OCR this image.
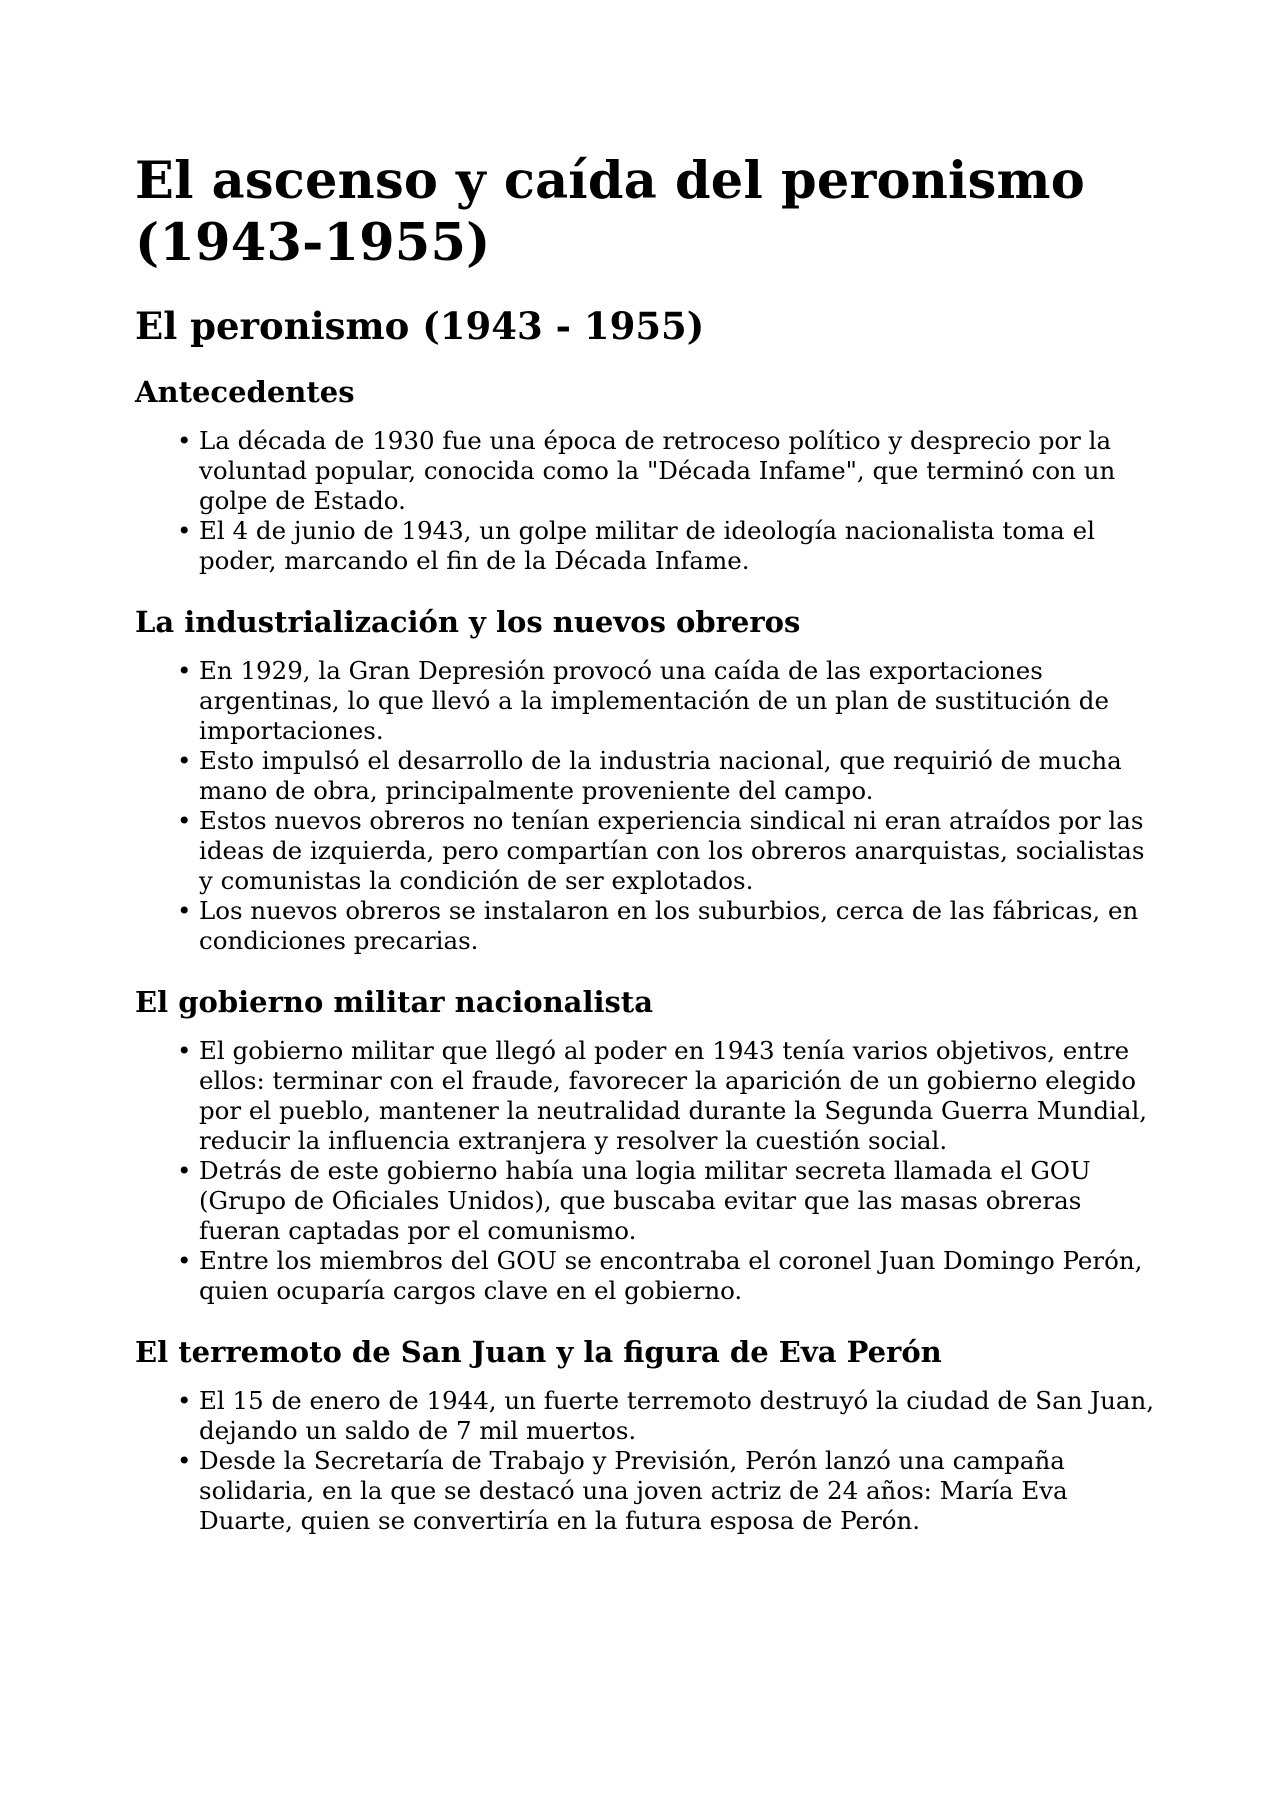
El ascenso y caída del peronismo (1943-1955)
El peronismo (1943 - 1955)
Antecedentes
• La década de 1930 fue una época de retroceso político y desprecio por la voluntad popular, conocida como la "Década Infame", que terminó con un golpe de Estado.
• El 4 de junio de 1943, un golpe militar de ideología nacionalista toma el poder, marcando el fin de la Década Infame.
La industrialización y los nuevos obreros
• En 1929, la Gran Depresión provocó una caída de las exportaciones argentinas, lo que llevó a la implementación de un plan de sustitución de importaciones.
• Esto impulsó el desarrollo de la industria nacional, que requirió de mucha mano de obra, principalmente proveniente del campo.
• Estos nuevos obreros no tenían experiencia sindical ni eran atraídos por las ideas de izquierda, pero compartían con los obreros anarquistas, socialistas y comunistas la condición de ser explotados.
• Los nuevos obreros se instalaron en los suburbios, cerca de las fábricas, en condiciones precarias.
El gobierno militar nacionalista
• El gobierno militar que llegó al poder en 1943 tenía varios objetivos, entre ellos: terminar con el fraude, favorecer la aparición de un gobierno elegido por el pueblo, mantener la neutralidad durante la Segunda Guerra Mundial, reducir la influencia extranjera y resolver la cuestión social.
• Detrás de este gobierno había una logia militar secreta llamada el GOU (Grupo de Oficiales Unidos), que buscaba evitar que las masas obreras fueran captadas por el comunismo.
• Entre los miembros del GOU se encontraba el coronel Juan Domingo Perón, quien ocuparía cargos clave en el gobierno.
El terremoto de San Juan y la figura de Eva Perón
• El 15 de enero de 1944, un fuerte terremoto destruyó la ciudad de San Juan, dejando un saldo de 7 mil muertos.
• Desde la Secretaría de Trabajo y Previsión, Perón lanzó una campaña solidaria, en la que se destacó una joven actriz de 24 años: María Eva Duarte, quien se convertiría en la futura esposa de Perón.
